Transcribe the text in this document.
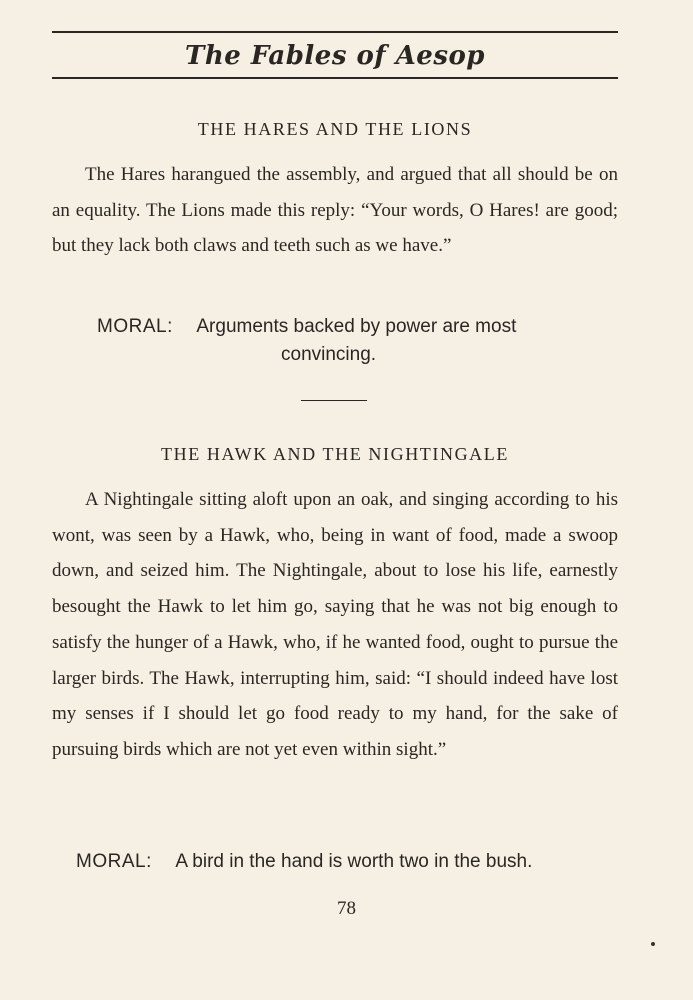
The Fables of Aesop
THE HARES AND THE LIONS

The Hares harangued the assembly, and argued that all should be on an equality. The Lions made this reply: “Your words, O Hares! are good; but they lack both claws and teeth such as we have.”

MORAL: Arguments backed by power are most
convincing.
THE HAWK AND THE NIGHTINGALE

A Nightingale sitting aloft upon an oak, and singing according to his wont, was seen by a Hawk, who, being in want of food, made a swoop down, and seized him. The Nightingale, about to lose his life, earnestly besought the Hawk to let him go, saying that he was not big enough to satisfy the hunger of a Hawk, who, if he wanted food, ought to pursue the larger birds. The Hawk, interrupting him, said: “I should indeed have lost my senses if I should let go food ready to my hand, for the sake of pursuing birds which are not yet even within sight.”

MORAL: A bird in the hand is worth two in the bush.
78
